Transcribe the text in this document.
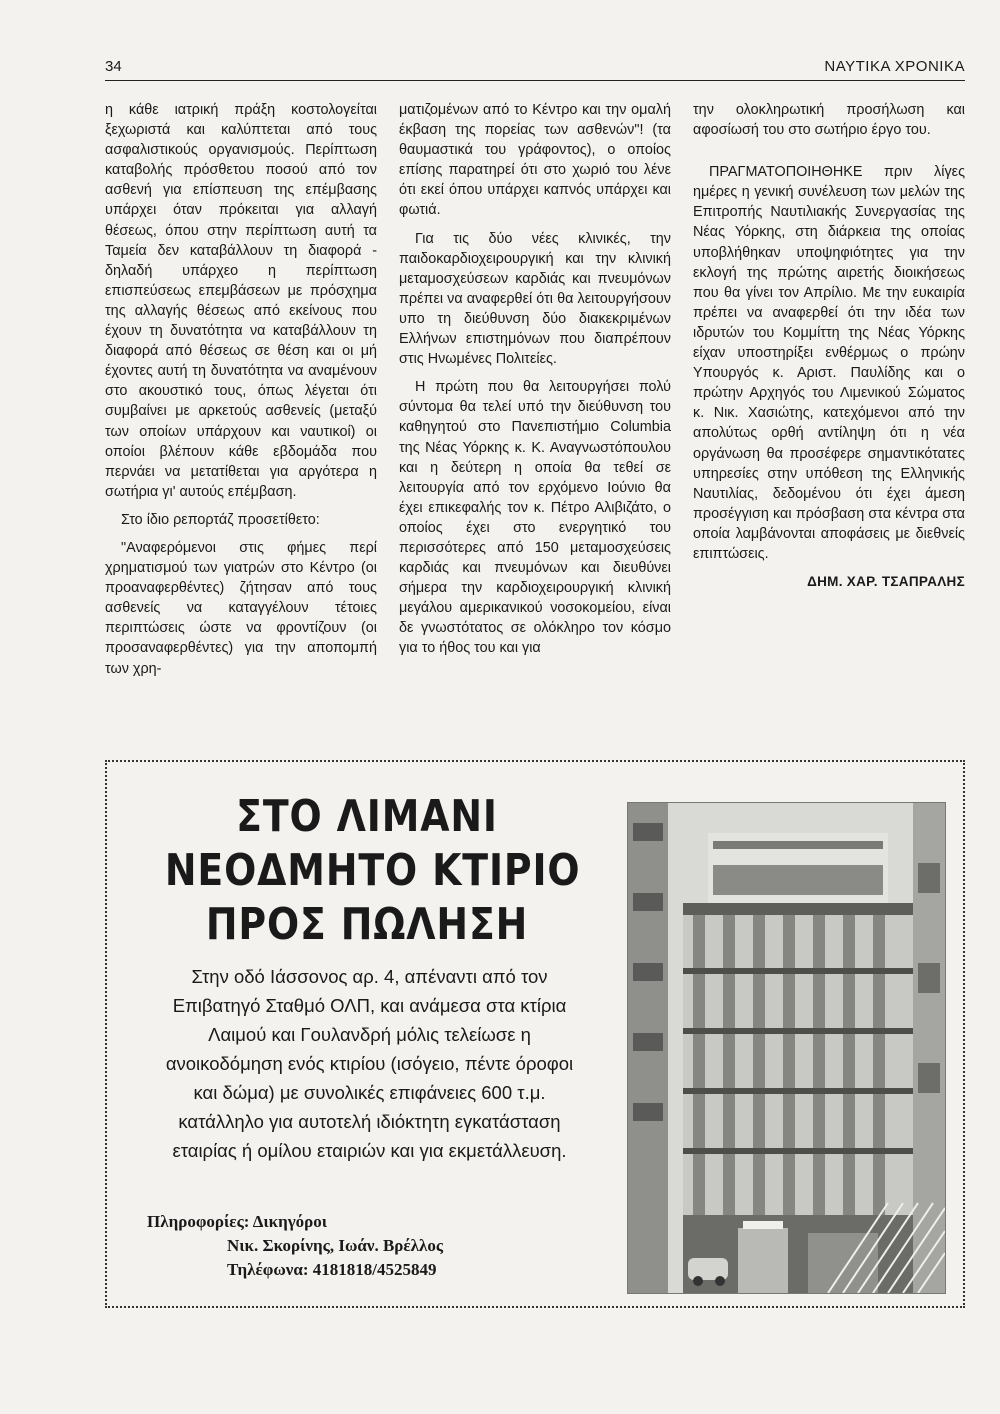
34	ΝΑΥΤΙΚΑ ΧΡΟΝΙΚΑ

η κάθε ιατρική πράξη κοστολογείται ξεχωριστά και καλύπτεται από τους ασφαλιστικούς οργανισμούς. Περίπτωση καταβολής πρόσθετου ποσού από τον ασθενή για επίσπευση της επέμβασης υπάρχει όταν πρόκειται για αλλαγή θέσεως, όπου στην περίπτωση αυτή τα Ταμεία δεν καταβάλλουν τη διαφορά - δηλαδή υπάρχεο η περίπτωση επισπεύσεως επεμβάσεων με πρόσχημα της αλλαγής θέσεως από εκείνους που έχουν τη δυνατότητα να καταβάλλουν τη διαφορά από θέσεως σε θέση και οι μή έχοντες αυτή τη δυνατότητα να αναμένουν στο ακουστικό τους, όπως λέγεται ότι συμβαίνει με αρκετούς ασθενείς (μεταξύ των οποίων υπάρχουν και ναυτικοί) οι οποίοι βλέπουν κάθε εβδομάδα που περνάει να μετατίθεται για αργότερα η σωτήρια γι' αυτούς επέμβαση.

Στο ίδιο ρεπορτάζ προσετίθετο:

"Αναφερόμενοι στις φήμες περί χρηματισμού των γιατρών στο Κέντρο (οι προαναφερθέντες) ζήτησαν από τους ασθενείς να καταγγέλουν τέτοιες περιπτώσεις ώστε να φροντίζουν (οι προσαναφερθέντες) για την αποπομπή των χρη-

ματιζομένων από το Κέντρο και την ομαλή έκβαση της πορείας των ασθενών"! (τα θαυμαστικά του γράφοντος), ο οποίος επίσης παρατηρεί ότι στο χωριό του λένε ότι εκεί όπου υπάρχει καπνός υπάρχει και φωτιά.

Για τις δύο νέες κλινικές, την παιδοκαρδιοχειρουργική και την κλινική μεταμοσχεύσεων καρδιάς και πνευμόνων πρέπει να αναφερθεί ότι θα λειτουργήσουν υπο τη διεύθυνση δύο διακεκριμένων Ελλήνων επιστημόνων που διαπρέπουν στις Ηνωμένες Πολιτείες.

Η πρώτη που θα λειτουργήσει πολύ σύντομα θα τελεί υπό την διεύθυνση του καθηγητού στο Πανεπιστήμιο Columbia της Νέας Υόρκης κ. Κ. Αναγνωστόπουλου και η δεύτερη η οποία θα τεθεί σε λειτουργία από τον ερχόμενο Ιούνιο θα έχει επικεφαλής τον κ. Πέτρο Αλιβιζάτο, ο οποίος έχει στο ενεργητικό του περισσότερες από 150 μεταμοσχεύσεις καρδιάς και πνευμόνων και διευθύνει σήμερα την καρδιοχειρουργική κλινική μεγάλου αμερικανικού νοσοκομείου, είναι δε γνωστότατος σε ολόκληρο τον κόσμο για το ήθος του και για

την ολοκληρωτική προσήλωση και αφοσίωσή του στο σωτήριο έργο του.

ΠΡΑΓΜΑΤΟΠΟΙΗΘΗΚΕ πριν λίγες ημέρες η γενική συνέλευση των μελών της Επιτροπής Ναυτιλιακής Συνεργασίας της Νέας Υόρκης, στη διάρκεια της οποίας υποβλήθηκαν υποψηφιότητες για την εκλογή της πρώτης αιρετής διοικήσεως που θα γίνει τον Απρίλιο. Με την ευκαιρία πρέπει να αναφερθεί ότι την ιδέα των ιδρυτών του Κομμίττη της Νέας Υόρκης είχαν υποστηρίξει ενθέρμως ο πρώην Υπουργός κ. Αριστ. Παυλίδης και ο πρώτην Αρχηγός του Λιμενικού Σώματος κ. Νικ. Χασιώτης, κατεχόμενοι από την απολύτως ορθή αντίληψη ότι η νέα οργάνωση θα προσέφερε σημαντικότατες υπηρεσίες στην υπόθεση της Ελληνικής Ναυτιλίας, δεδομένου ότι έχει άμεση προσέγγιση και πρόσβαση στα κέντρα στα οποία λαμβάνονται αποφάσεις με διεθνείς επιπτώσεις.

ΔΗΜ. ΧΑΡ. ΤΣΑΠΡΑΛΗΣ

ΣΤΟ ΛΙΜΑΝΙ
ΝΕΟΔΜΗΤΟ ΚΤΙΡΙΟ
ΠΡΟΣ ΠΩΛΗΣΗ
Στην οδό Ιάσσονος αρ. 4, απέναντι από τον Επιβατηγό Σταθμό ΟΛΠ, και ανάμεσα στα κτίρια Λαιμού και Γουλανδρή μόλις τελείωσε η ανοικοδόμηση ενός κτιρίου (ισόγειο, πέντε όροφοι και δώμα) με συνολικές επιφάνειες 600 τ.μ. κατάλληλο για αυτοτελή ιδιόκτητη εγκατάσταση εταιρίας ή ομίλου εταιριών και για εκμετάλλευση.
Πληροφορίες: Δικηγόροι
Νικ. Σκορίνης, Ιωάν. Βρέλλος
Τηλέφωνα: 4181818/4525849
